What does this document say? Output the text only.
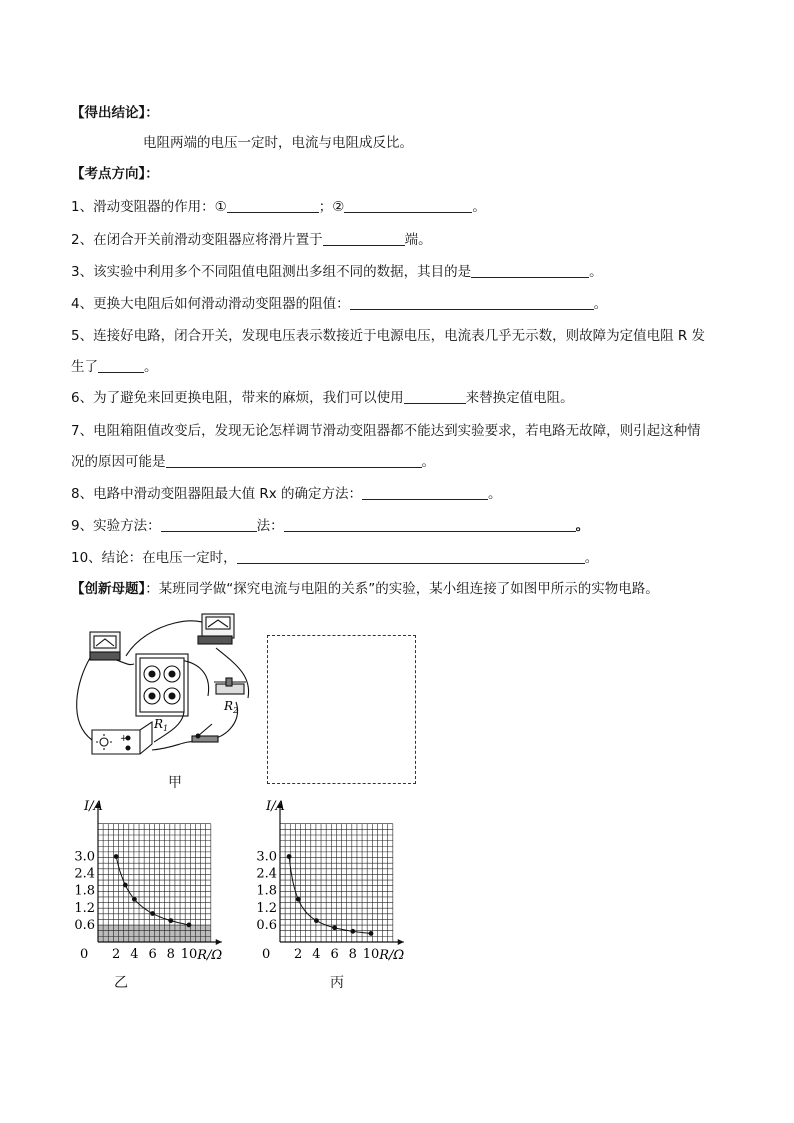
【得出结论】：
电阻两端的电压一定时，电流与电阻成反比。
【考点方向】：
1、滑动变阻器的作用：①	；②	。
2、在闭合开关前滑动变阻器应将滑片置于	端。
3、该实验中利用多个不同阻值电阻测出多组不同的数据，其目的是	。
4、更换大电阻后如何滑动滑动变阻器的阻值：	。
5、连接好电路，闭合开关，发现电压表示数接近于电源电压，电流表几乎无示数，则故障为定值电阻 R 发
生了	。
6、为了避免来回更换电阻，带来的麻烦，我们可以使用	来替换定值电阻。
7、电阻箱阻值改变后，发现无论怎样调节滑动变阻器都不能达到实验要求，若电路无故障，则引起这种情
况的原因可能是	。
8、电路中滑动变阻器阻最大值 Rx 的确定方法：	。
9、实验方法：	法：	。
10、结论：在电压一定时，	。
【创新母题】：某班同学做“探究电流与电阻的关系”的实验，某小组连接了如图甲所示的实物电路。
$R_1$
$R_2$
+
甲
I/A
0	R/Ω
2 4 6 8 10
0.6
1.2
1.8
2.4
3.0
乙
I/A
0	R/Ω
2 4 6 8 10
3.0
2.4
1.8
1.2
0.6
丙
